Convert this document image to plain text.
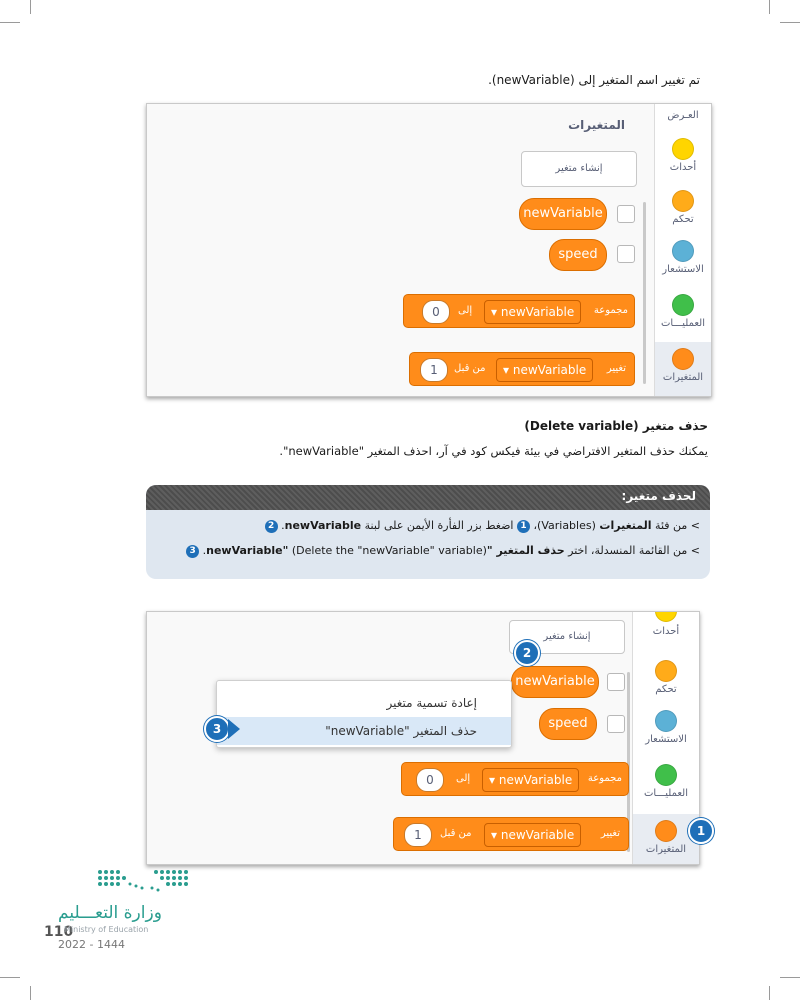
تم تغيير اسم المتغير إلى (newVariable).
العـرض
أحداث
تحكم
الاستشعار
العمليـــات
المتغيرات
المتغيرات
إنشاء متغير
newVariable
speed
مجموعة
▾ newVariable
إلى
0
تغيير
▾ newVariable
من قبل
1
حذف متغير (Delete variable)
يمكنك حذف المتغير الافتراضي في بيئة فيكس كود في آر، احذف المتغير "newVariable".
لحذف متغير:
> من فئة المتغيرات (Variables)، 1 اضغط بزر الفأرة الأيمن على لبنة newVariable. 2
> من القائمة المنسدلة، اختر حذف المتغير "newVariable" (Delete the "newVariable" variable). 3
أحداث
تحكم
الاستشعار
العمليـــات
المتغيرات
إنشاء متغير
newVariable
speed
مجموعة
▾ newVariable
إلى
0
تغيير
▾ newVariable
من قبل
1
إعادة تسمية متغير
حذف المتغير "newVariable"
1
2
3
وزارة التعـــليم
110
Ministry of Education
2022 - 1444
